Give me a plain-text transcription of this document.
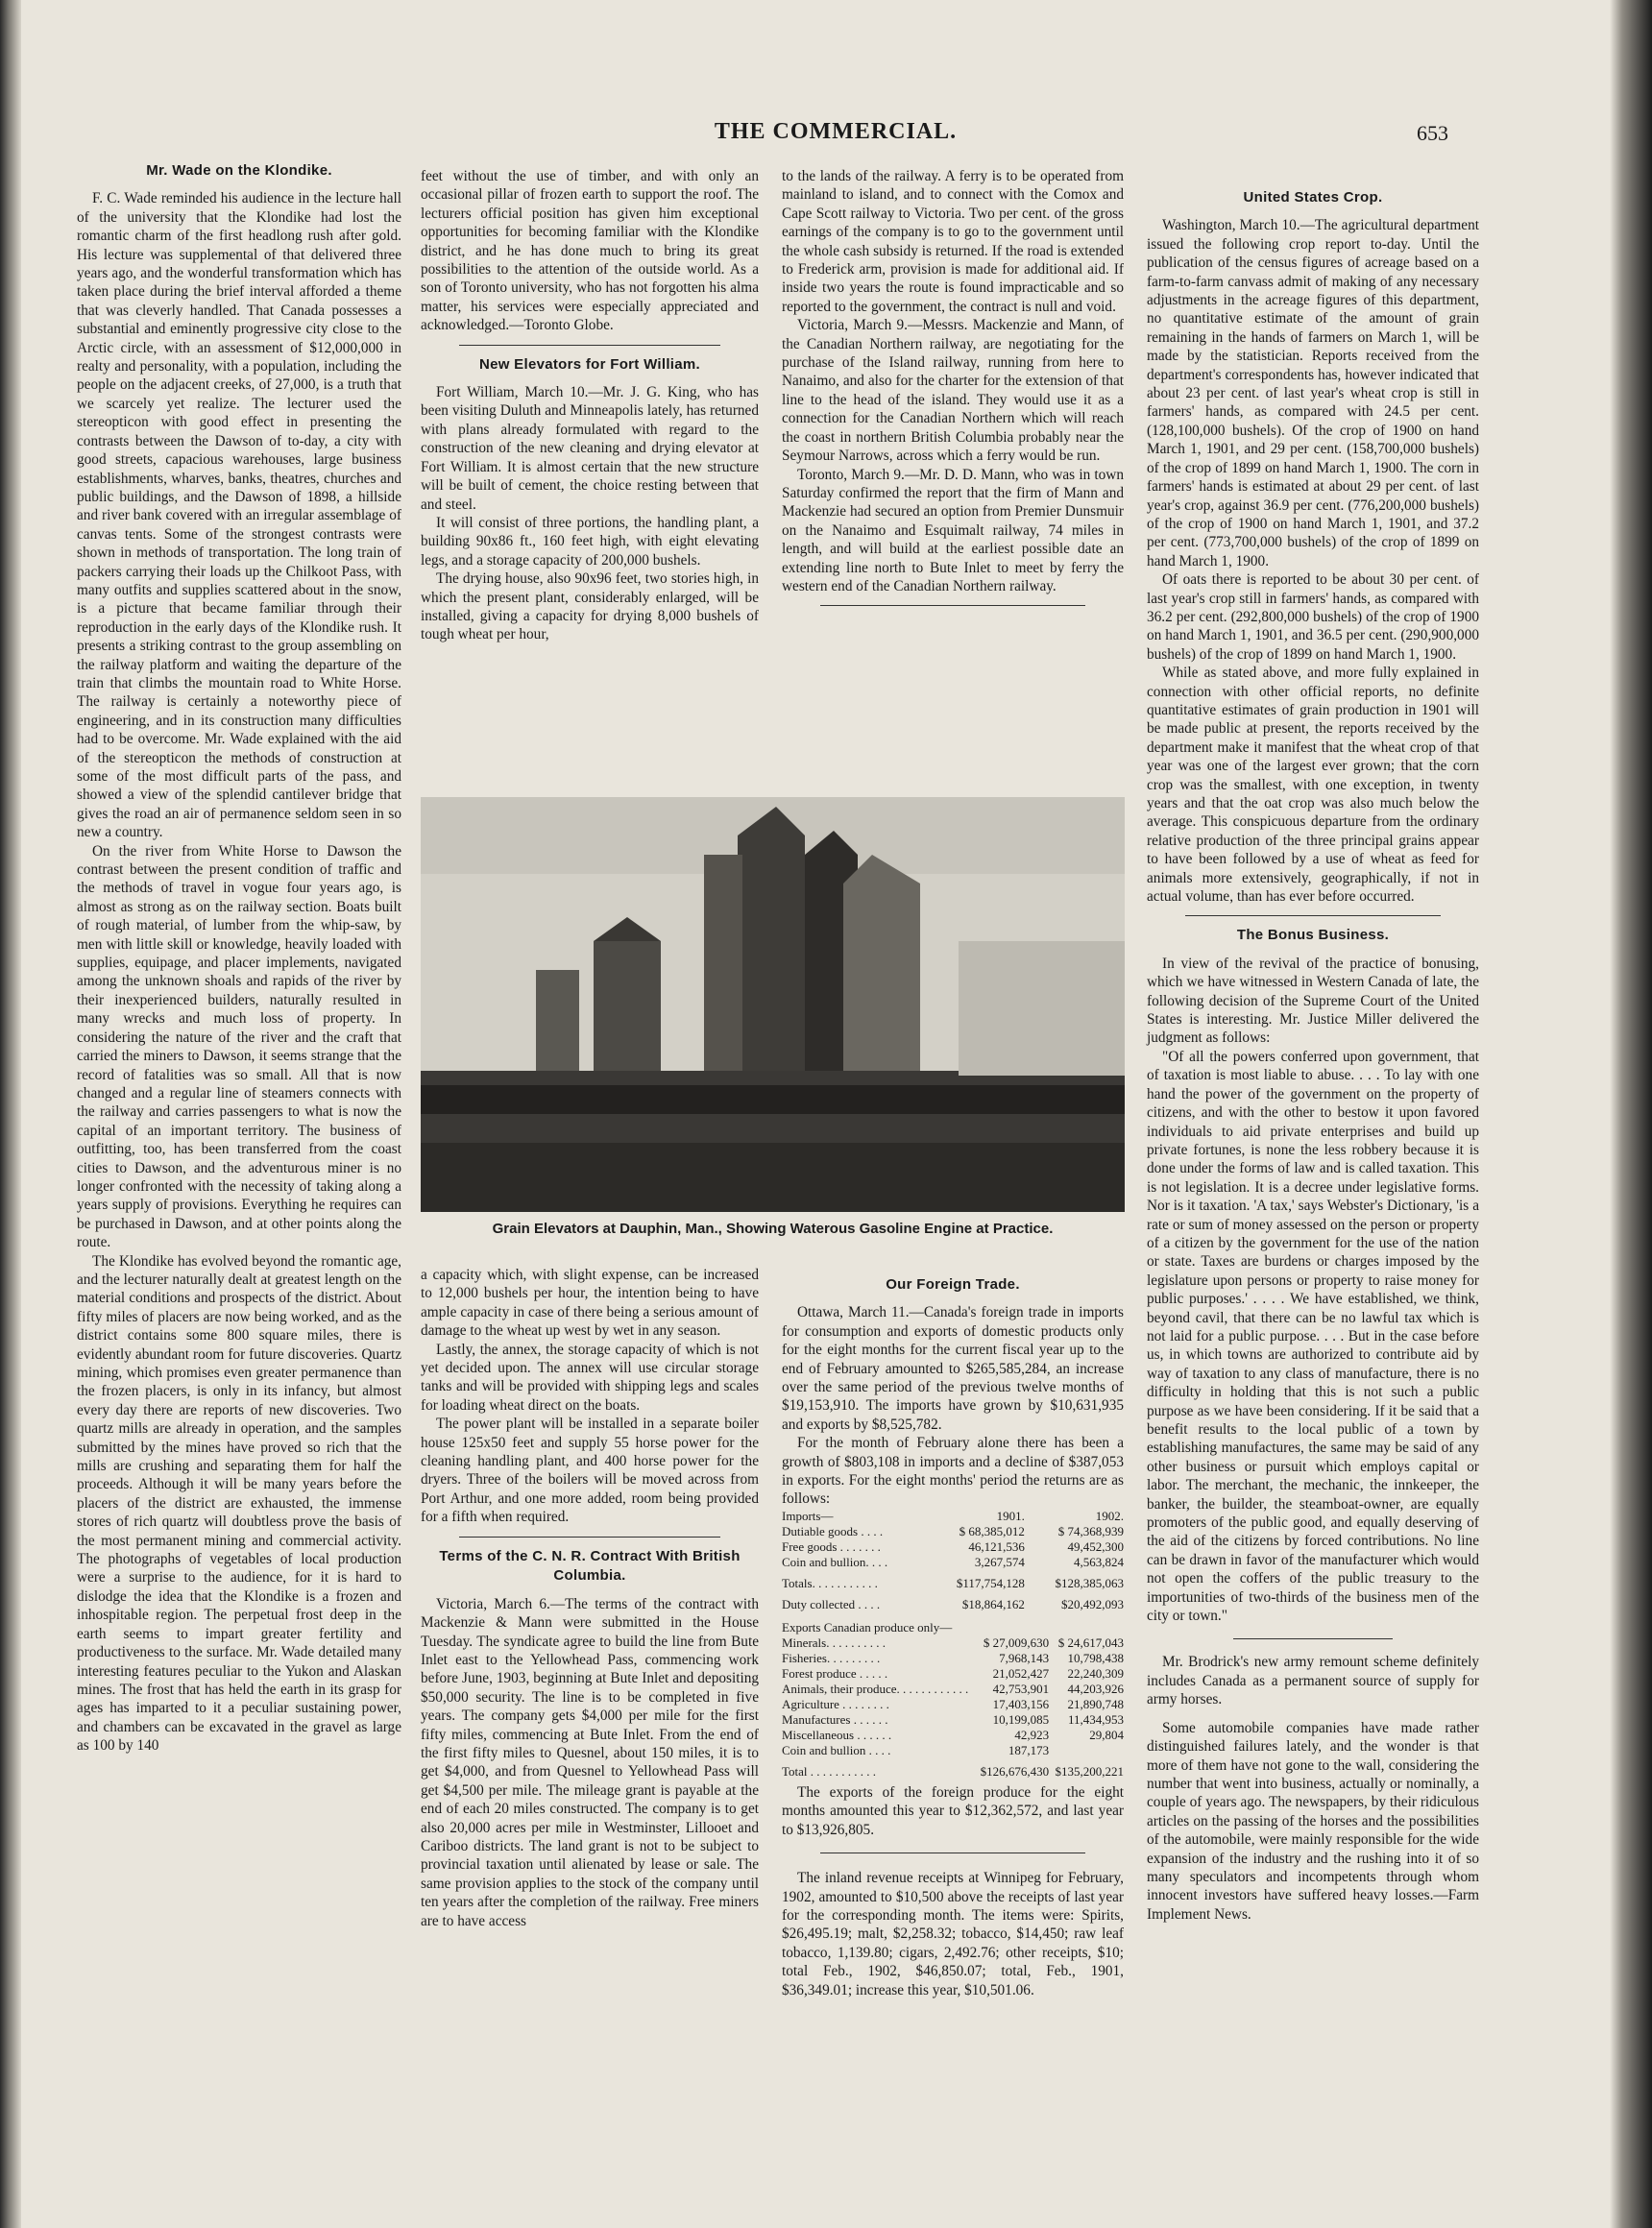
THE COMMERCIAL.	653
Mr. Wade on the Klondike.

F. C. Wade reminded his audience in the lecture hall of the university that the Klondike had lost the romantic charm of the first headlong rush after gold. His lecture was supplemental of that delivered three years ago, and the wonderful transformation which has taken place during the brief interval afforded a theme that was cleverly handled. That Canada possesses a substantial and eminently progressive city close to the Arctic circle, with an assessment of $12,000,000 in realty and personality, with a population, including the people on the adjacent creeks, of 27,000, is a truth that we scarcely yet realize. The lecturer used the stereopticon with good effect in presenting the contrasts between the Dawson of to-day, a city with good streets, capacious warehouses, large business establishments, wharves, banks, theatres, churches and public buildings, and the Dawson of 1898, a hillside and river bank covered with an irregular assemblage of canvas tents. Some of the strongest contrasts were shown in methods of transportation. The long train of packers carrying their loads up the Chilkoot Pass, with many outfits and supplies scattered about in the snow, is a picture that became familiar through their reproduction in the early days of the Klondike rush. It presents a striking contrast to the group assembling on the railway platform and waiting the departure of the train that climbs the mountain road to White Horse. The railway is certainly a noteworthy piece of engineering, and in its construction many difficulties had to be overcome. Mr. Wade explained with the aid of the stereopticon the methods of construction at some of the most difficult parts of the pass, and showed a view of the splendid cantilever bridge that gives the road an air of permanence seldom seen in so new a country.

On the river from White Horse to Dawson the contrast between the present condition of traffic and the methods of travel in vogue four years ago, is almost as strong as on the railway section. Boats built of rough material, of lumber from the whip-saw, by men with little skill or knowledge, heavily loaded with supplies, equipage, and placer implements, navigated among the unknown shoals and rapids of the river by their inexperienced builders, naturally resulted in many wrecks and much loss of property. In considering the nature of the river and the craft that carried the miners to Dawson, it seems strange that the record of fatalities was so small. All that is now changed and a regular line of steamers connects with the railway and carries passengers to what is now the capital of an important territory. The business of outfitting, too, has been transferred from the coast cities to Dawson, and the adventurous miner is no longer confronted with the necessity of taking along a years supply of provisions. Everything he requires can be purchased in Dawson, and at other points along the route.

The Klondike has evolved beyond the romantic age, and the lecturer naturally dealt at greatest length on the material conditions and prospects of the district. About fifty miles of placers are now being worked, and as the district contains some 800 square miles, there is evidently abundant room for future discoveries. Quartz mining, which promises even greater permanence than the frozen placers, is only in its infancy, but almost every day there are reports of new discoveries. Two quartz mills are already in operation, and the samples submitted by the mines have proved so rich that the mills are crushing and separating them for half the proceeds. Although it will be many years before the placers of the district are exhausted, the immense stores of rich quartz will doubtless prove the basis of the most permanent mining and commercial activity. The photographs of vegetables of local production were a surprise to the audience, for it is hard to dislodge the idea that the Klondike is a frozen and inhospitable region. The perpetual frost deep in the earth seems to impart greater fertility and productiveness to the surface. Mr. Wade detailed many interesting features peculiar to the Yukon and Alaskan mines. The frost that has held the earth in its grasp for ages has imparted to it a peculiar sustaining power, and chambers can be excavated in the gravel as large as 100 by 140

feet without the use of timber, and with only an occasional pillar of frozen earth to support the roof. The lecturers official position has given him exceptional opportunities for becoming familiar with the Klondike district, and he has done much to bring its great possibilities to the attention of the outside world. As a son of Toronto university, who has not forgotten his alma matter, his services were especially appreciated and acknowledged.—Toronto Globe.

New Elevators for Fort William.

Fort William, March 10.—Mr. J. G. King, who has been visiting Duluth and Minneapolis lately, has returned with plans already formulated with regard to the construction of the new cleaning and drying elevator at Fort William. It is almost certain that the new structure will be built of cement, the choice resting between that and steel.

It will consist of three portions, the handling plant, a building 90x86 ft., 160 feet high, with eight elevating legs, and a storage capacity of 200,000 bushels.

The drying house, also 90x96 feet, two stories high, in which the present plant, considerably enlarged, will be installed, giving a capacity for drying 8,000 bushels of tough wheat per hour,

to the lands of the railway. A ferry is to be operated from mainland to island, and to connect with the Comox and Cape Scott railway to Victoria. Two per cent. of the gross earnings of the company is to go to the government until the whole cash subsidy is returned. If the road is extended to Frederick arm, provision is made for additional aid. If inside two years the route is found impracticable and so reported to the government, the contract is null and void.

Victoria, March 9.—Messrs. Mackenzie and Mann, of the Canadian Northern railway, are negotiating for the purchase of the Island railway, running from here to Nanaimo, and also for the charter for the extension of that line to the head of the island. They would use it as a connection for the Canadian Northern which will reach the coast in northern British Columbia probably near the Seymour Narrows, across which a ferry would be run.

Toronto, March 9.—Mr. D. D. Mann, who was in town Saturday confirmed the report that the firm of Mann and Mackenzie had secured an option from Premier Dunsmuir on the Nanaimo and Esquimalt railway, 74 miles in length, and will build at the earliest possible date an extending line north to Bute Inlet to meet by ferry the western end of the Canadian Northern railway.

Grain Elevators at Dauphin, Man., Showing Waterous Gasoline Engine at Practice.

a capacity which, with slight expense, can be increased to 12,000 bushels per hour, the intention being to have ample capacity in case of there being a serious amount of damage to the wheat up west by wet in any season.

Lastly, the annex, the storage capacity of which is not yet decided upon. The annex will use circular storage tanks and will be provided with shipping legs and scales for loading wheat direct on the boats.

The power plant will be installed in a separate boiler house 125x50 feet and supply 55 horse power for the cleaning handling plant, and 400 horse power for the dryers. Three of the boilers will be moved across from Port Arthur, and one more added, room being provided for a fifth when required.

Terms of the C. N. R. Contract With British Columbia.

Victoria, March 6.—The terms of the contract with Mackenzie & Mann were submitted in the House Tuesday. The syndicate agree to build the line from Bute Inlet east to the Yellowhead Pass, commencing work before June, 1903, beginning at Bute Inlet and depositing $50,000 security. The line is to be completed in five years. The company gets $4,000 per mile for the first fifty miles, commencing at Bute Inlet. From the end of the first fifty miles to Quesnel, about 150 miles, it is to get $4,000, and from Quesnel to Yellowhead Pass will get $4,500 per mile. The mileage grant is payable at the end of each 20 miles constructed. The company is to get also 20,000 acres per mile in Westminster, Lillooet and Cariboo districts. The land grant is not to be subject to provincial taxation until alienated by lease or sale. The same provision applies to the stock of the company until ten years after the completion of the railway. Free miners are to have access

Our Foreign Trade.

Ottawa, March 11.—Canada's foreign trade in imports for consumption and exports of domestic products only for the eight months for the current fiscal year up to the end of February amounted to $265,585,284, an increase over the same period of the previous twelve months of $19,153,910. The imports have grown by $10,631,935 and exports by $8,525,782.

For the month of February alone there has been a growth of $803,108 in imports and a decline of $387,053 in exports. For the eight months' period the returns are as follows:

Imports—	1901.	1902.
Dutiable goods . . . .	$ 68,385,012	$ 74,368,939
Free goods . . . . . . .	46,121,536	49,452,300
Coin and bullion. . . .	3,267,574	4,563,824
Totals. . . . . . . . . . .	$117,754,128	$128,385,063
Duty collected . . . .	$18,864,162	$20,492,093
Exports Canadian produce only—		
Minerals. . . . . . . . . .	$ 27,009,630	$ 24,617,043
Fisheries. . . . . . . . .	7,968,143	10,798,438
Forest produce . . . . .	21,052,427	22,240,309
Animals, their produce. . . . . . . . . . . .	42,753,901	44,203,926
Agriculture . . . . . . . .	17,403,156	21,890,748
Manufactures . . . . . .	10,199,085	11,434,953
Miscellaneous . . . . . .	42,923	29,804
Coin and bullion . . . .	187,173	
Total . . . . . . . . . . .	$126,676,430	$135,200,221

The exports of the foreign produce for the eight months amounted this year to $12,362,572, and last year to $13,926,805.

The inland revenue receipts at Winnipeg for February, 1902, amounted to $10,500 above the receipts of last year for the corresponding month. The items were: Spirits, $26,495.19; malt, $2,258.32; tobacco, $14,450; raw leaf tobacco, 1,139.80; cigars, 2,492.76; other receipts, $10; total Feb., 1902, $46,850.07; total, Feb., 1901, $36,349.01; increase this year, $10,501.06.

United States Crop.

Washington, March 10.—The agricultural department issued the following crop report to-day. Until the publication of the census figures of acreage based on a farm-to-farm canvass admit of making of any necessary adjustments in the acreage figures of this department, no quantitative estimate of the amount of grain remaining in the hands of farmers on March 1, will be made by the statistician. Reports received from the department's correspondents has, however indicated that about 23 per cent. of last year's wheat crop is still in farmers' hands, as compared with 24.5 per cent. (128,100,000 bushels). Of the crop of 1900 on hand March 1, 1901, and 29 per cent. (158,700,000 bushels) of the crop of 1899 on hand March 1, 1900. The corn in farmers' hands is estimated at about 29 per cent. of last year's crop, against 36.9 per cent. (776,200,000 bushels) of the crop of 1900 on hand March 1, 1901, and 37.2 per cent. (773,700,000 bushels) of the crop of 1899 on hand March 1, 1900.

Of oats there is reported to be about 30 per cent. of last year's crop still in farmers' hands, as compared with 36.2 per cent. (292,800,000 bushels) of the crop of 1900 on hand March 1, 1901, and 36.5 per cent. (290,900,000 bushels) of the crop of 1899 on hand March 1, 1900.

While as stated above, and more fully explained in connection with other official reports, no definite quantitative estimates of grain production in 1901 will be made public at present, the reports received by the department make it manifest that the wheat crop of that year was one of the largest ever grown; that the corn crop was the smallest, with one exception, in twenty years and that the oat crop was also much below the average. This conspicuous departure from the ordinary relative production of the three principal grains appear to have been followed by a use of wheat as feed for animals more extensively, geographically, if not in actual volume, than has ever before occurred.

The Bonus Business.

In view of the revival of the practice of bonusing, which we have witnessed in Western Canada of late, the following decision of the Supreme Court of the United States is interesting. Mr. Justice Miller delivered the judgment as follows:

"Of all the powers conferred upon government, that of taxation is most liable to abuse. . . . To lay with one hand the power of the government on the property of citizens, and with the other to bestow it upon favored individuals to aid private enterprises and build up private fortunes, is none the less robbery because it is done under the forms of law and is called taxation. This is not legislation. It is a decree under legislative forms. Nor is it taxation. 'A tax,' says Webster's Dictionary, 'is a rate or sum of money assessed on the person or property of a citizen by the government for the use of the nation or state. Taxes are burdens or charges imposed by the legislature upon persons or property to raise money for public purposes.' . . . . We have established, we think, beyond cavil, that there can be no lawful tax which is not laid for a public purpose. . . . But in the case before us, in which towns are authorized to contribute aid by way of taxation to any class of manufacture, there is no difficulty in holding that this is not such a public purpose as we have been considering. If it be said that a benefit results to the local public of a town by establishing manufactures, the same may be said of any other business or pursuit which employs capital or labor. The merchant, the mechanic, the innkeeper, the banker, the builder, the steamboat-owner, are equally promoters of the public good, and equally deserving of the aid of the citizens by forced contributions. No line can be drawn in favor of the manufacturer which would not open the coffers of the public treasury to the importunities of two-thirds of the business men of the city or town."

Mr. Brodrick's new army remount scheme definitely includes Canada as a permanent source of supply for army horses.

Some automobile companies have made rather distinguished failures lately, and the wonder is that more of them have not gone to the wall, considering the number that went into business, actually or nominally, a couple of years ago. The newspapers, by their ridiculous articles on the passing of the horses and the possibilities of the automobile, were mainly responsible for the wide expansion of the industry and the rushing into it of so many speculators and incompetents through whom innocent investors have suffered heavy losses.—Farm Implement News.
